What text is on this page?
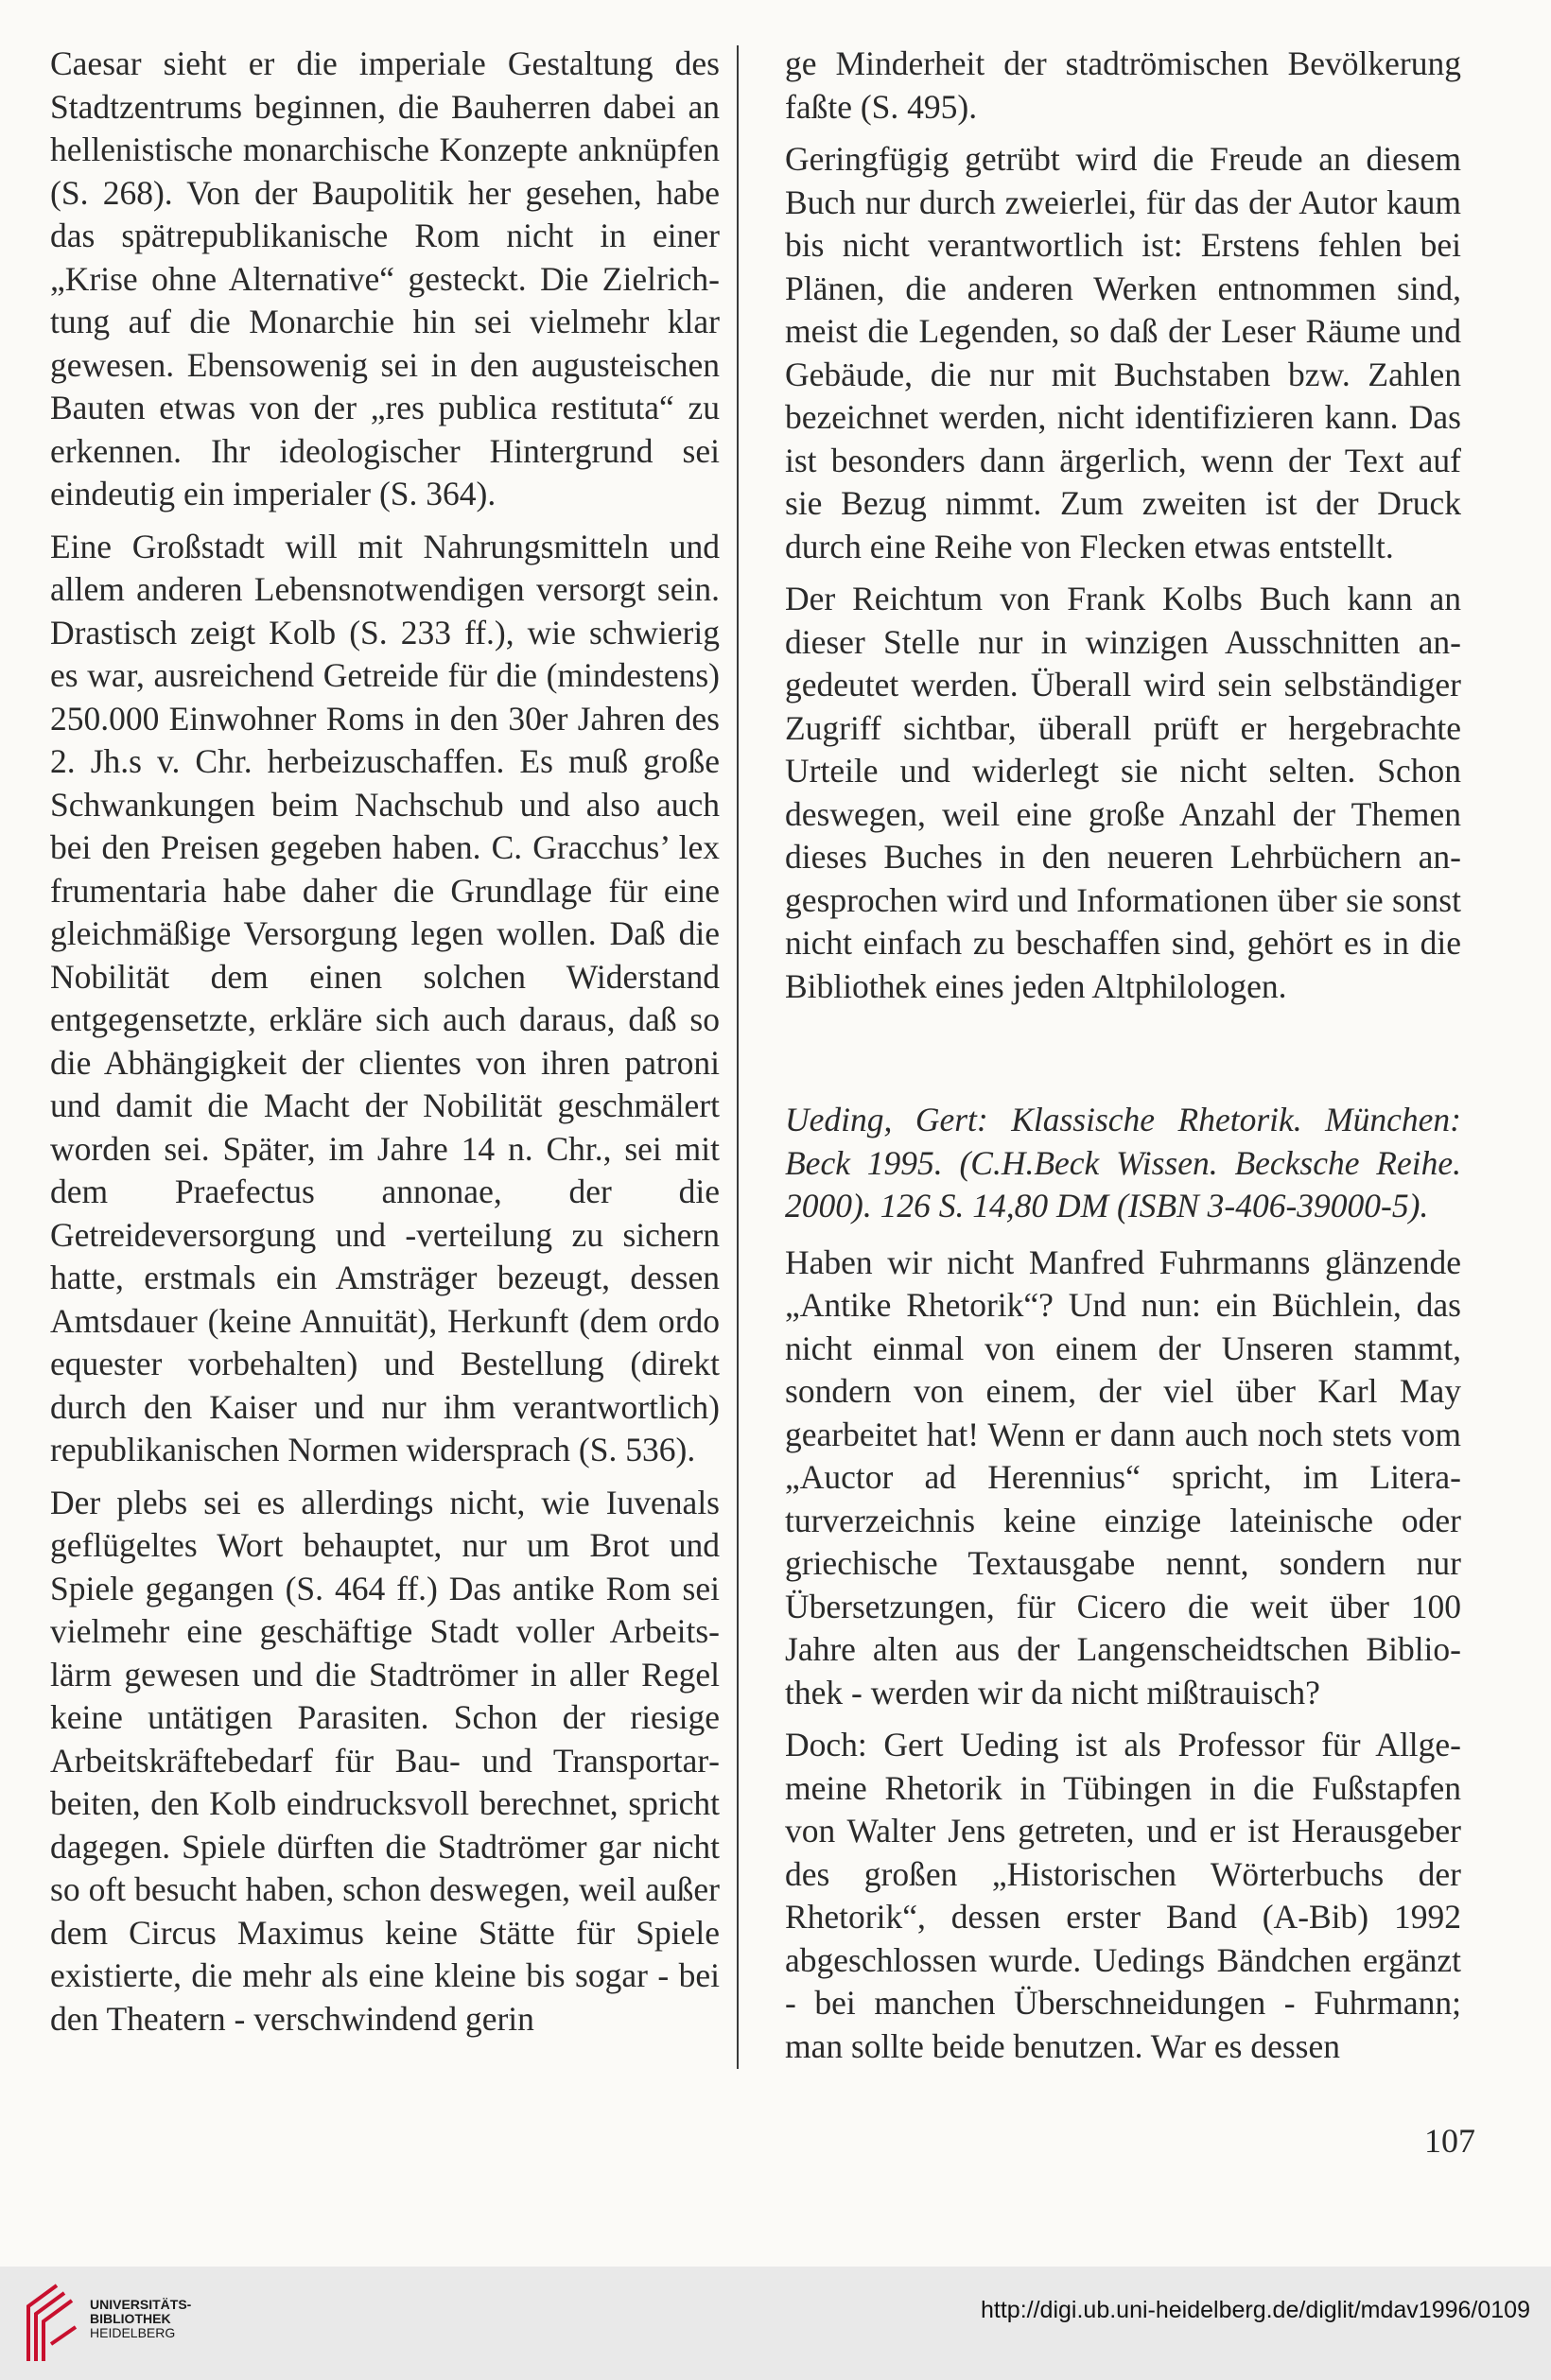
Caesar sieht er die imperiale Gestaltung des Stadtzentrums beginnen, die Bauherren dabei an hellenistische monarchische Konzepte anknüpfen (S. 268). Von der Baupolitik her gesehen, habe das spätrepublikanische Rom nicht in einer „Krise ohne Alternative“ gesteckt. Die Zielrichtung auf die Monarchie hin sei vielmehr klar gewesen. Ebensowenig sei in den augusteischen Bauten etwas von der „res publica restituta“ zu erkennen. Ihr ideologischer Hintergrund sei eindeutig ein imperialer (S. 364).

Eine Großstadt will mit Nahrungsmitteln und allem anderen Lebensnotwendigen versorgt sein. Drastisch zeigt Kolb (S. 233 ff.), wie schwierig es war, ausreichend Getreide für die (mindestens) 250.000 Einwohner Roms in den 30er Jahren des 2. Jh.s v. Chr. herbeizuschaffen. Es muß große Schwankungen beim Nachschub und also auch bei den Preisen gegeben haben. C. Gracchus’ lex frumentaria habe daher die Grundlage für eine gleichmäßige Versorgung legen wollen. Daß die Nobilität dem einen solchen Widerstand entgegensetzte, erkläre sich auch daraus, daß so die Abhängigkeit der clientes von ihren patroni und damit die Macht der Nobilität geschmälert worden sei. Später, im Jahre 14 n. Chr., sei mit dem Praefectus annonae, der die Getreideversorgung und -verteilung zu sichern hatte, erstmals ein Amsträger bezeugt, dessen Amtsdauer (keine Annuität), Herkunft (dem ordo equester vorbehalten) und Bestellung (direkt durch den Kaiser und nur ihm verantwortlich) republikanischen Normen widersprach (S. 536).

Der plebs sei es allerdings nicht, wie Iuvenals geflügeltes Wort behauptet, nur um Brot und Spiele gegangen (S. 464 ff.) Das antike Rom sei vielmehr eine geschäftige Stadt voller Arbeitslärm gewesen und die Stadtrömer in aller Regel keine untätigen Parasiten. Schon der riesige Arbeitskräftebedarf für Bau- und Transportarbeiten, den Kolb eindrucksvoll berechnet, spricht dagegen. Spiele dürften die Stadtrömer gar nicht so oft besucht haben, schon deswegen, weil außer dem Circus Maximus keine Stätte für Spiele existierte, die mehr als eine kleine bis sogar - bei den Theatern - verschwindend gerin

ge Minderheit der stadtrömischen Bevölkerung faßte (S. 495).

Geringfügig getrübt wird die Freude an diesem Buch nur durch zweierlei, für das der Autor kaum bis nicht verantwortlich ist: Erstens fehlen bei Plänen, die anderen Werken entnommen sind, meist die Legenden, so daß der Leser Räume und Gebäude, die nur mit Buchstaben bzw. Zahlen bezeichnet werden, nicht identifizieren kann. Das ist besonders dann ärgerlich, wenn der Text auf sie Bezug nimmt. Zum zweiten ist der Druck durch eine Reihe von Flecken etwas entstellt.

Der Reichtum von Frank Kolbs Buch kann an dieser Stelle nur in winzigen Ausschnitten angedeutet werden. Überall wird sein selbständiger Zugriff sichtbar, überall prüft er hergebrachte Urteile und widerlegt sie nicht selten. Schon deswegen, weil eine große Anzahl der Themen dieses Buches in den neueren Lehrbüchern angesprochen wird und Informationen über sie sonst nicht einfach zu beschaffen sind, gehört es in die Bibliothek eines jeden Altphilologen.

Ueding, Gert: Klassische Rhetorik. München: Beck 1995. (C.H.Beck Wissen. Becksche Reihe. 2000). 126 S. 14,80 DM (ISBN 3-406-39000-5).

Haben wir nicht Manfred Fuhrmanns glänzende „Antike Rhetorik“? Und nun: ein Büchlein, das nicht einmal von einem der Unseren stammt, sondern von einem, der viel über Karl May gearbeitet hat! Wenn er dann auch noch stets vom „Auctor ad Herennius“ spricht, im Literaturverzeichnis keine einzige lateinische oder griechische Textausgabe nennt, sondern nur Übersetzungen, für Cicero die weit über 100 Jahre alten aus der Langenscheidtschen Bibliothek - werden wir da nicht mißtrauisch?

Doch: Gert Ueding ist als Professor für Allgemeine Rhetorik in Tübingen in die Fußstapfen von Walter Jens getreten, und er ist Herausgeber des großen „Historischen Wörterbuchs der Rhetorik“, dessen erster Band (A-Bib) 1992 abgeschlossen wurde. Uedings Bändchen ergänzt - bei manchen Überschneidungen - Fuhrmann; man sollte beide benutzen. War es dessen

107
UNIVERSITÄTS-
BIBLIOTHEK
HEIDELBERG
http://digi.ub.uni-heidelberg.de/diglit/mdav1996/0109
